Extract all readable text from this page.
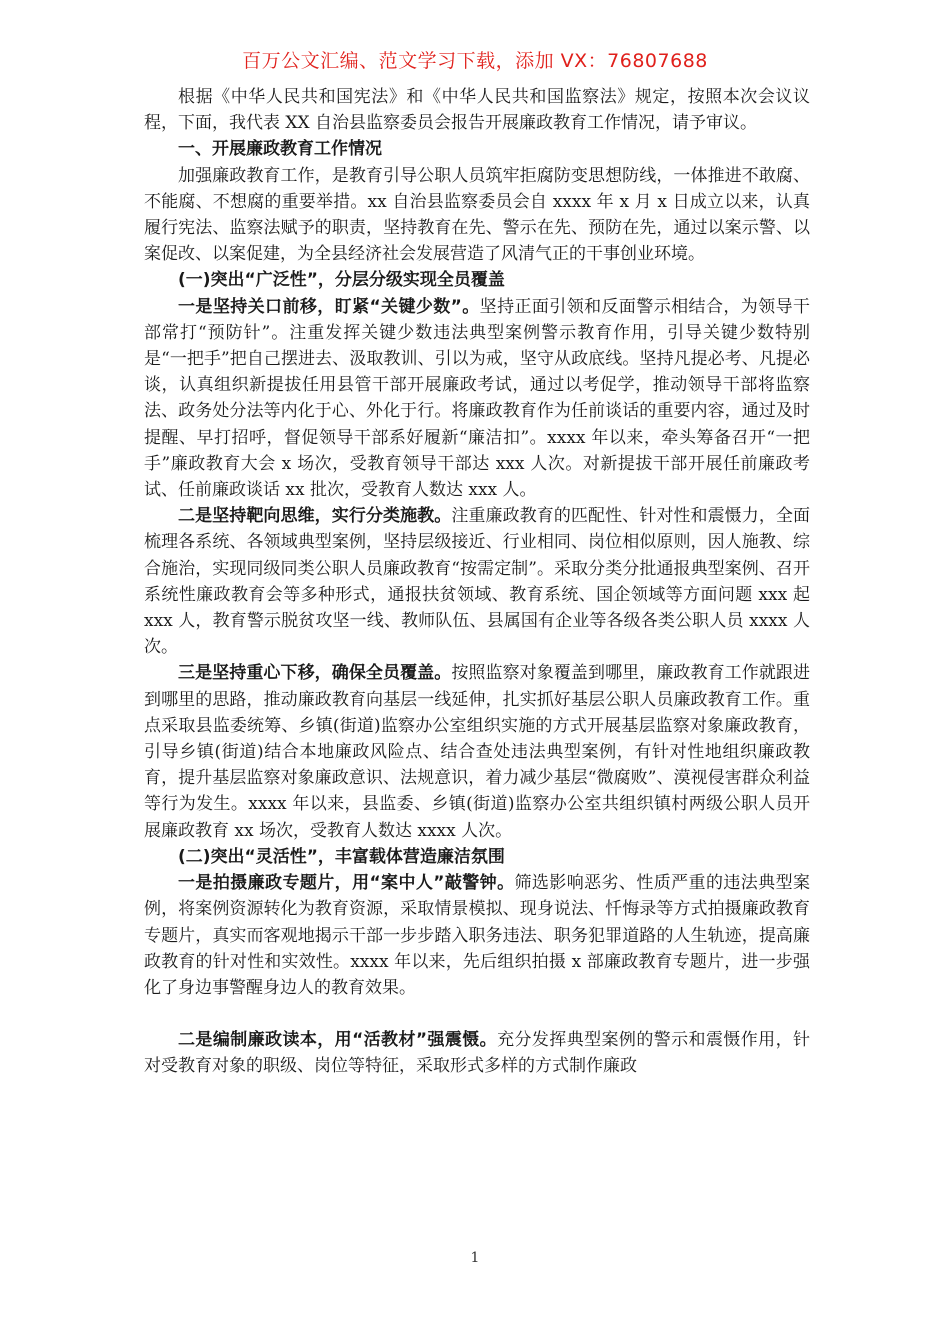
百万公文汇编、范文学习下载，添加 VX：76807688

根据《中华人民共和国宪法》和《中华人民共和国监察法》规定，按照本次会议议程，下面，我代表 XX 自治县监察委员会报告开展廉政教育工作情况，请予审议。

一、开展廉政教育工作情况

加强廉政教育工作，是教育引导公职人员筑牢拒腐防变思想防线，一体推进不敢腐、不能腐、不想腐的重要举措。xx 自治县监察委员会自 xxxx 年 x 月 x 日成立以来，认真履行宪法、监察法赋予的职责，坚持教育在先、警示在先、预防在先，通过以案示警、以案促改、以案促建，为全县经济社会发展营造了风清气正的干事创业环境。

(一)突出“广泛性”，分层分级实现全员覆盖

一是坚持关口前移，盯紧“关键少数”。坚持正面引领和反面警示相结合，为领导干部常打“预防针”。注重发挥关键少数违法典型案例警示教育作用，引导关键少数特别是“一把手”把自己摆进去、汲取教训、引以为戒，坚守从政底线。坚持凡提必考、凡提必谈，认真组织新提拔任用县管干部开展廉政考试，通过以考促学，推动领导干部将监察法、政务处分法等内化于心、外化于行。将廉政教育作为任前谈话的重要内容，通过及时提醒、早打招呼，督促领导干部系好履新“廉洁扣”。xxxx 年以来，牵头筹备召开“一把手”廉政教育大会 x 场次，受教育领导干部达 xxx 人次。对新提拔干部开展任前廉政考试、任前廉政谈话 xx 批次，受教育人数达 xxx 人。

二是坚持靶向思维，实行分类施教。注重廉政教育的匹配性、针对性和震慑力，全面梳理各系统、各领域典型案例，坚持层级接近、行业相同、岗位相似原则，因人施教、综合施治，实现同级同类公职人员廉政教育“按需定制”。采取分类分批通报典型案例、召开系统性廉政教育会等多种形式，通报扶贫领域、教育系统、国企领域等方面问题 xxx 起 xxx 人，教育警示脱贫攻坚一线、教师队伍、县属国有企业等各级各类公职人员 xxxx 人次。

三是坚持重心下移，确保全员覆盖。按照监察对象覆盖到哪里，廉政教育工作就跟进到哪里的思路，推动廉政教育向基层一线延伸，扎实抓好基层公职人员廉政教育工作。重点采取县监委统筹、乡镇(街道)监察办公室组织实施的方式开展基层监察对象廉政教育，引导乡镇(街道)结合本地廉政风险点、结合查处违法典型案例，有针对性地组织廉政教育，提升基层监察对象廉政意识、法规意识，着力减少基层“微腐败”、漠视侵害群众利益等行为发生。xxxx 年以来，县监委、乡镇(街道)监察办公室共组织镇村两级公职人员开展廉政教育 xx 场次，受教育人数达 xxxx 人次。

(二)突出“灵活性”，丰富载体营造廉洁氛围

一是拍摄廉政专题片，用“案中人”敲警钟。筛选影响恶劣、性质严重的违法典型案例，将案例资源转化为教育资源，采取情景模拟、现身说法、忏悔录等方式拍摄廉政教育专题片，真实而客观地揭示干部一步步踏入职务违法、职务犯罪道路的人生轨迹，提高廉政教育的针对性和实效性。xxxx 年以来，先后组织拍摄 x 部廉政教育专题片，进一步强化了身边事警醒身边人的教育效果。

二是编制廉政读本，用“活教材”强震慑。充分发挥典型案例的警示和震慑作用，针对受教育对象的职级、岗位等特征，采取形式多样的方式制作廉政

1
